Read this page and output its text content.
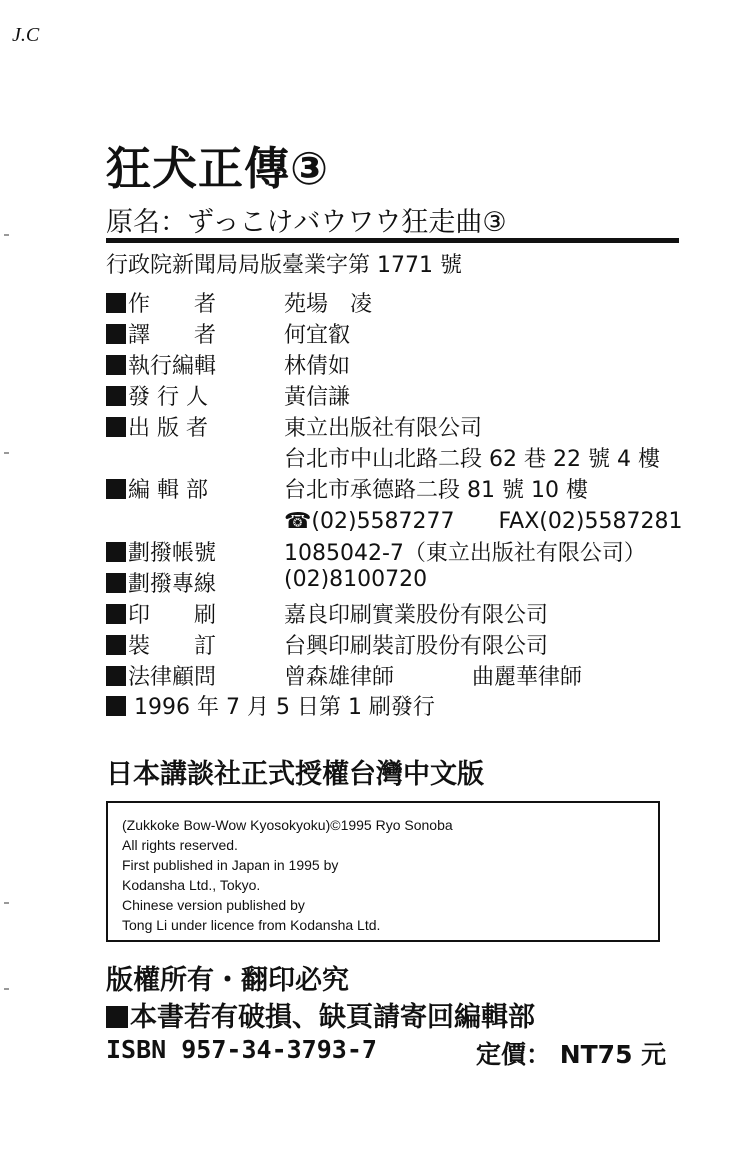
J.C
狂犬正傳③
原名：ずっこけバウワウ狂走曲③
行政院新聞局局版臺業字第 1771 號
作　　者	苑場　凌
譯　　者	何宜叡
執行編輯	林倩如
發 行 人	黃信謙
出 版 者	東立出版社有限公司
台北市中山北路二段 62 巷 22 號 4 樓
編 輯 部	台北市承德路二段 81 號 10 樓
☎(02)5587277　　FAX(02)5587281
劃撥帳號	1085042-7（東立出版社有限公司）
劃撥專線	(02)8100720
印　　刷	嘉良印刷實業股份有限公司
裝　　訂	台興印刷裝訂股份有限公司
法律顧問	曾森雄律師	曲麗華律師
1996 年 7 月 5 日第 1 刷發行
日本講談社正式授權台灣中文版
(Zukkoke Bow-Wow Kyosokyoku)©1995 Ryo Sonoba
All rights reserved.
First published in Japan in 1995 by
Kodansha Ltd., Tokyo.
Chinese version published by
Tong Li under licence from Kodansha Ltd.
版權所有・翻印必究
本書若有破損、缺頁請寄回編輯部
ISBN 957-34-3793-7	定價： NT75 元
